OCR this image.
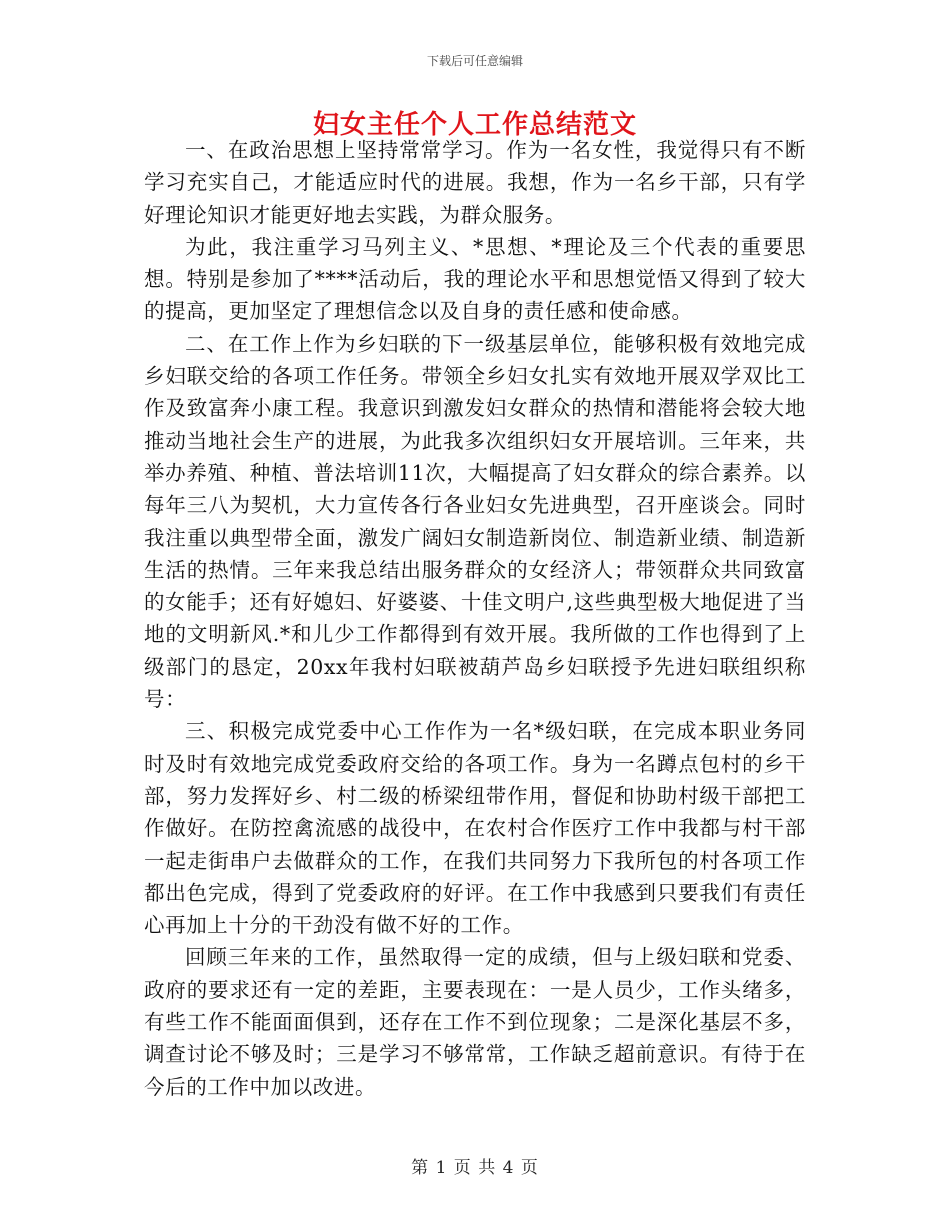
下载后可任意编辑
妇女主任个人工作总结范文

一、在政治思想上坚持常常学习。作为一名女性，我觉得只有不断学习充实自己，才能适应时代的进展。我想，作为一名乡干部，只有学好理论知识才能更好地去实践，为群众服务。

为此，我注重学习马列主义、*思想、*理论及三个代表的重要思想。特别是参加了****活动后，我的理论水平和思想觉悟又得到了较大的提高，更加坚定了理想信念以及自身的责任感和使命感。

二、在工作上作为乡妇联的下一级基层单位，能够积极有效地完成乡妇联交给的各项工作任务。带领全乡妇女扎实有效地开展双学双比工作及致富奔小康工程。我意识到激发妇女群众的热情和潜能将会较大地推动当地社会生产的进展，为此我多次组织妇女开展培训。三年来，共举办养殖、种植、普法培训11次，大幅提高了妇女群众的综合素养。以每年三八为契机，大力宣传各行各业妇女先进典型，召开座谈会。同时我注重以典型带全面，激发广阔妇女制造新岗位、制造新业绩、制造新生活的热情。三年来我总结出服务群众的女经济人；带领群众共同致富的女能手；还有好媳妇、好婆婆、十佳文明户,这些典型极大地促进了当地的文明新风.*和儿少工作都得到有效开展。我所做的工作也得到了上级部门的恳定，20xx年我村妇联被葫芦岛乡妇联授予先进妇联组织称号：

三、积极完成党委中心工作作为一名*级妇联，在完成本职业务同时及时有效地完成党委政府交给的各项工作。身为一名蹲点包村的乡干部，努力发挥好乡、村二级的桥梁纽带作用，督促和协助村级干部把工作做好。在防控禽流感的战役中，在农村合作医疗工作中我都与村干部一起走街串户去做群众的工作，在我们共同努力下我所包的村各项工作都出色完成，得到了党委政府的好评。在工作中我感到只要我们有责任心再加上十分的干劲没有做不好的工作。

回顾三年来的工作，虽然取得一定的成绩，但与上级妇联和党委、政府的要求还有一定的差距，主要表现在：一是人员少，工作头绪多，有些工作不能面面俱到，还存在工作不到位现象；二是深化基层不多，调查讨论不够及时；三是学习不够常常，工作缺乏超前意识。有待于在今后的工作中加以改进。

第 1 页 共 4 页
